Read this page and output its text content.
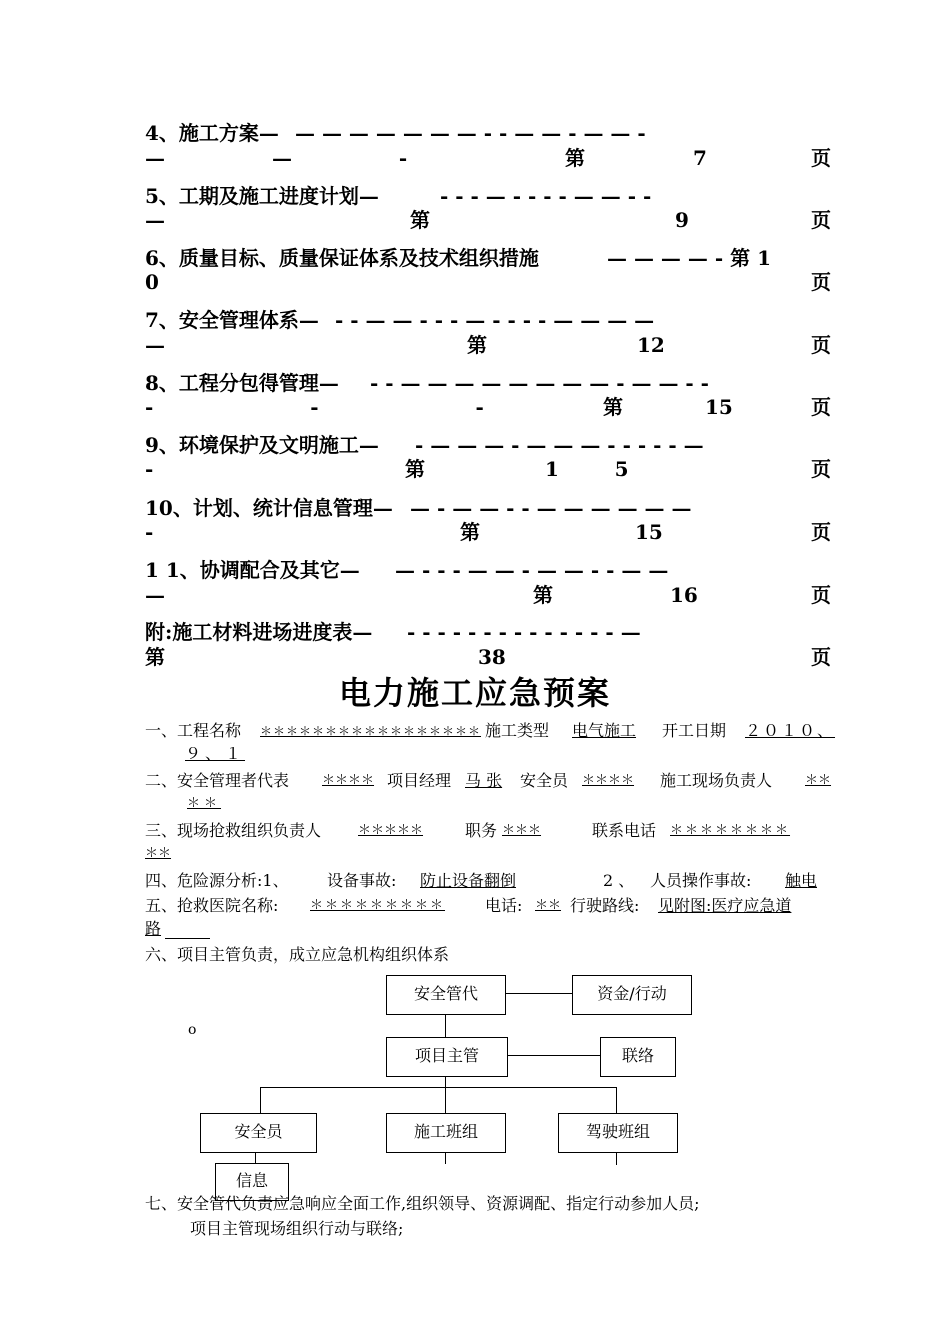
4、施工方案— — — — — — — — - - — — - — — -
— — -	第	7	页
5、工期及施工进度计划—	- - - — - - - - — — - -
—	第	9	页
6、质量目标、质量保证体系及技术组织措施	— — — — - 第 1
0	页
7、安全管理体系— - - — — - - - — - - - - — — — —
—	第	12	页
8、工程分包得管理— - - — — — — — — — — - — — - -
- - -	第	15	页
9、环境保护及文明施工— - — — — - — — — - - - - - —
-	第	1        5	页
10、计划、统计信息管理— — - — — - - — — — — — —
-	第	15	页
1 1、协调配合及其它— — - - - — — - — — - - — —
—	第	16	页
附:施工材料进场进度表— - - - - - - - - - - - - - - —
第	38	页
电力施工应急预案
一、工程名称 ＊＊＊＊＊＊＊＊＊＊＊＊＊＊＊＊＊ 施工类型 电气施工 开工日期 ２０１０、
９、１
二、安全管理者代表	＊＊＊＊ 项目经理 马 张 安全员 ＊＊＊＊ 施工现场负责人	＊＊
＊＊
三、现场抢救组织负责人	＊＊＊＊＊	职务 ＊＊＊	联系电话 ＊＊＊＊＊＊＊＊
＊＊
四、危险源分析:1、 设备事故: 防止设备翻倒	2 、 人员操作事故: 触电
五、抢救医院名称: ＊＊＊＊＊＊＊＊＊ 电话: ＊＊ 行驶路线: 见附图:医疗应急道
路
六、项目主管负责，成立应急机构组织体系
o
安全管代	资金/行动
项目主管	联络
安全员	施工班组	驾驶班组
信息
七、安全管代负责应急响应全面工作,组织领导、资源调配、指定行动参加人员;
项目主管现场组织行动与联络;
